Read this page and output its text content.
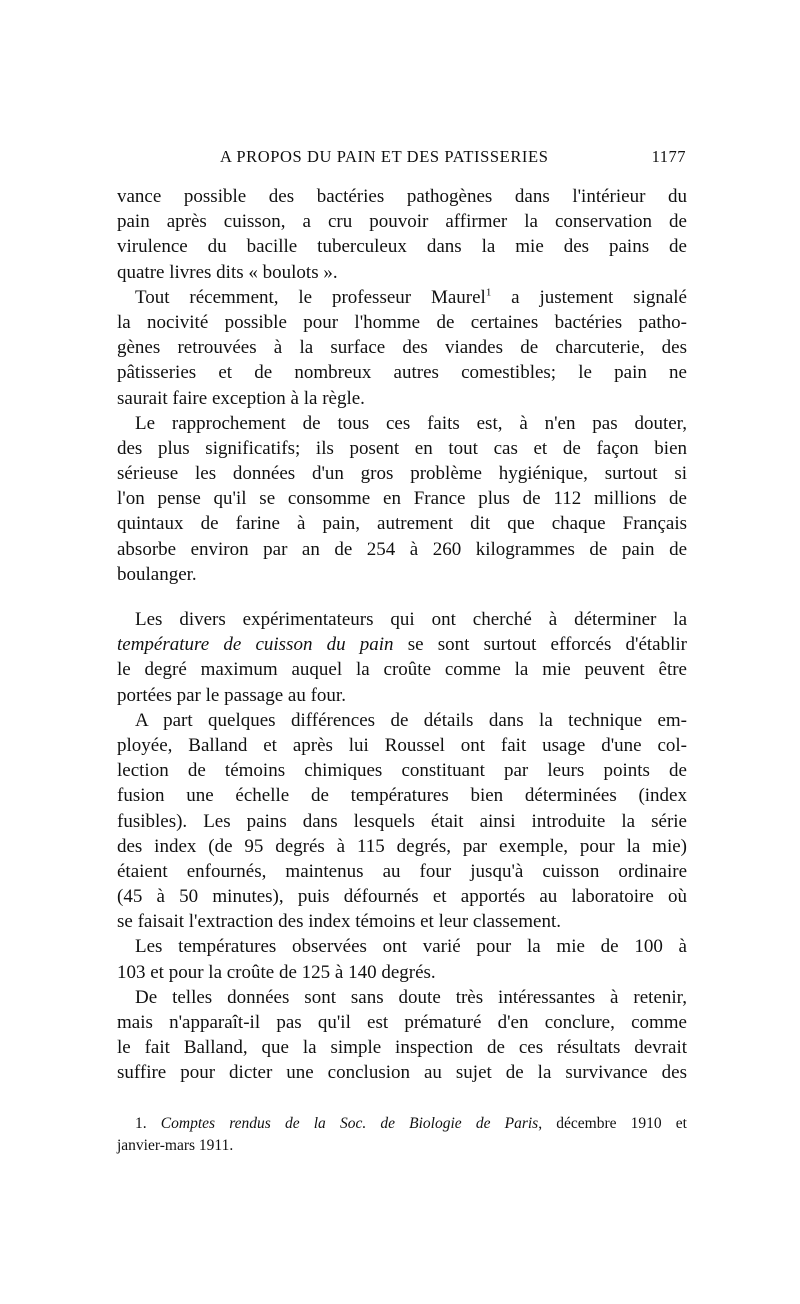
A PROPOS DU PAIN ET DES PATISSERIES	1177
vance possible des bactéries pathogènes dans l'intérieur du
pain après cuisson, a cru pouvoir affirmer la conservation de
virulence du bacille tuberculeux dans la mie des pains de
quatre livres dits « boulots ».
Tout récemment, le professeur Maurel$^1$ a justement signalé
la nocivité possible pour l'homme de certaines bactéries patho-
gènes retrouvées à la surface des viandes de charcuterie, des
pâtisseries et de nombreux autres comestibles; le pain ne
saurait faire exception à la règle.
Le rapprochement de tous ces faits est, à n'en pas douter,
des plus significatifs; ils posent en tout cas et de façon bien
sérieuse les données d'un gros problème hygiénique, surtout si
l'on pense qu'il se consomme en France plus de 112 millions de
quintaux de farine à pain, autrement dit que chaque Français
absorbe environ par an de 254 à 260 kilogrammes de pain de
boulanger.
Les divers expérimentateurs qui ont cherché à déterminer la
température de cuisson du pain se sont surtout efforcés d'établir
le degré maximum auquel la croûte comme la mie peuvent être
portées par le passage au four.
A part quelques différences de détails dans la technique em-
ployée, Balland et après lui Roussel ont fait usage d'une col-
lection de témoins chimiques constituant par leurs points de
fusion une échelle de températures bien déterminées (index
fusibles). Les pains dans lesquels était ainsi introduite la série
des index (de 95 degrés à 115 degrés, par exemple, pour la mie)
étaient enfournés, maintenus au four jusqu'à cuisson ordinaire
(45 à 50 minutes), puis défournés et apportés au laboratoire où
se faisait l'extraction des index témoins et leur classement.
Les températures observées ont varié pour la mie de 100 à
103 et pour la croûte de 125 à 140 degrés.
De telles données sont sans doute très intéressantes à retenir,
mais n'apparaît-il pas qu'il est prématuré d'en conclure, comme
le fait Balland, que la simple inspection de ces résultats devrait
suffire pour dicter une conclusion au sujet de la survivance des
1. Comptes rendus de la Soc. de Biologie de Paris, décembre 1910 et
janvier-mars 1911.
